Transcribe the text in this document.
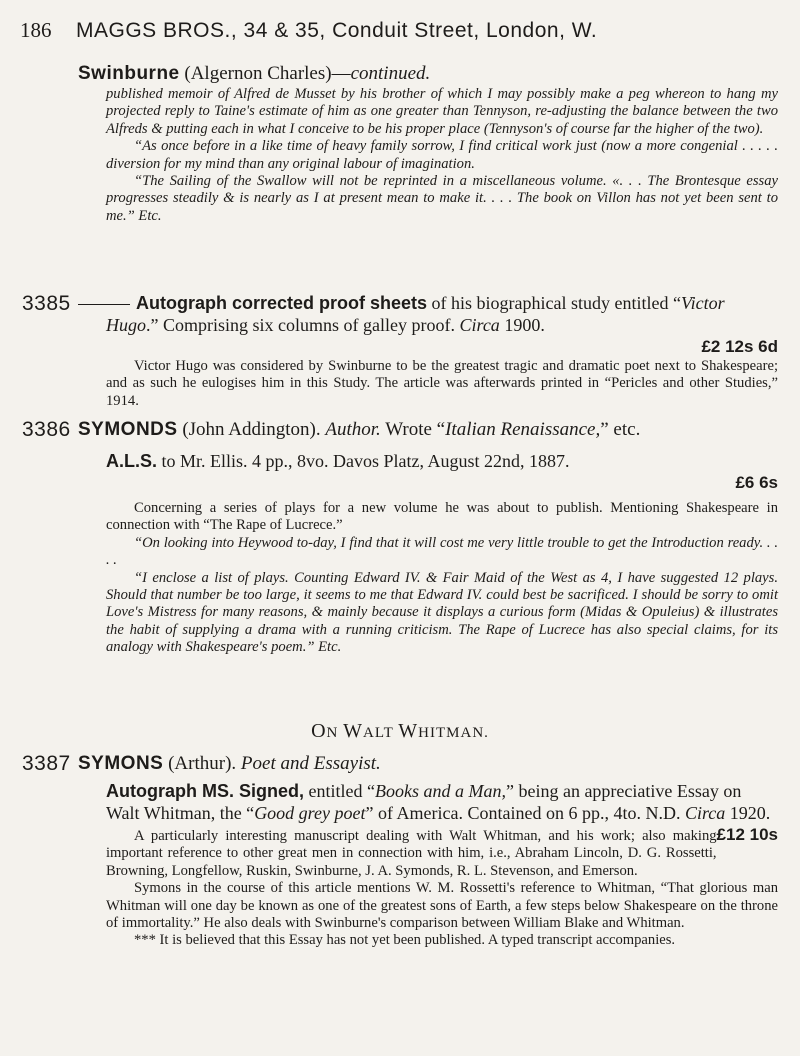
186 MAGGS BROS., 34 & 35, Conduit Street, London, W.
Swinburne (Algernon Charles)—continued.

published memoir of Alfred de Musset by his brother of which I may possibly make a peg whereon to hang my projected reply to Taine's estimate of him as one greater than Tennyson, re-adjusting the balance between the two Alfreds & putting each in what I conceive to be his proper place (Tennyson's of course far the higher of the two).

“As once before in a like time of heavy family sorrow, I find critical work just (now a more congenial . . . . . diversion for my mind than any original labour of imagination.

“The Sailing of the Swallow will not be reprinted in a miscellaneous volume. «. . . The Brontesque essay progresses steadily & is nearly as I at present mean to make it. . . . The book on Villon has not yet been sent to me.” Etc.

3385	Autograph corrected proof sheets of his biographical study entitled “Victor Hugo.” Comprising six columns of galley proof. Circa 1900.
£2 12s 6d

Victor Hugo was considered by Swinburne to be the greatest tragic and dramatic poet next to Shakespeare; and as such he eulogises him in this Study. The article was afterwards printed in “Pericles and other Studies,” 1914.

3386 SYMONDS (John Addington). Author. Wrote “Italian Renaissance,” etc.
A.L.S. to Mr. Ellis. 4 pp., 8vo. Davos Platz, August 22nd, 1887.
£6 6s

Concerning a series of plays for a new volume he was about to publish. Mentioning Shakespeare in connection with “The Rape of Lucrece.”

“On looking into Heywood to-day, I find that it will cost me very little trouble to get the Introduction ready. . . . .

“I enclose a list of plays. Counting Edward IV. & Fair Maid of the West as 4, I have suggested 12 plays. Should that number be too large, it seems to me that Edward IV. could best be sacrificed. I should be sorry to omit Love's Mistress for many reasons, & mainly because it displays a curious form (Midas & Opuleius) & illustrates the habit of supplying a drama with a running criticism. The Rape of Lucrece has also special claims, for its analogy with Shakespeare's poem.” Etc.

ON WALT WHITMAN.
3387 SYMONS (Arthur). Poet and Essayist.
Autograph MS. Signed, entitled “Books and a Man,” being an appreciative Essay on Walt Whitman, the “Good grey poet” of America. Contained on 6 pp., 4to. N.D. Circa 1920.
£12 10s

A particularly interesting manuscript dealing with Walt Whitman, and his work; also making important reference to other great men in connection with him, i.e., Abraham Lincoln, D. G. Rossetti, Browning, Longfellow, Ruskin, Swinburne, J. A. Symonds, R. L. Stevenson, and Emerson.

Symons in the course of this article mentions W. M. Rossetti's reference to Whitman, “That glorious man Whitman will one day be known as one of the greatest sons of Earth, a few steps below Shakespeare on the throne of immortality.” He also deals with Swinburne's comparison between William Blake and Whitman.

*** It is believed that this Essay has not yet been published. A typed transcript accompanies.
